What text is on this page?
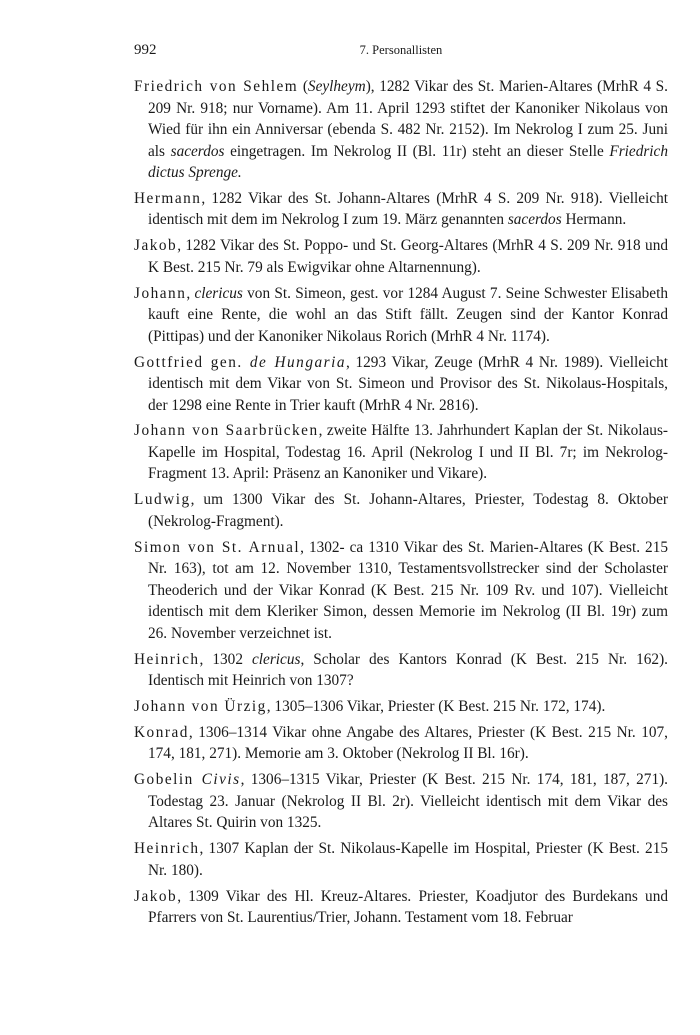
992	7. Personallisten

Friedrich von Sehlem (Seylheym), 1282 Vikar des St. Marien-Altares (MrhR 4 S. 209 Nr. 918; nur Vorname). Am 11. April 1293 stiftet der Kanoniker Nikolaus von Wied für ihn ein Anniversar (ebenda S. 482 Nr. 2152). Im Nekrolog I zum 25. Juni als sacerdos eingetragen. Im Nekrolog II (Bl. 11r) steht an dieser Stelle Friedrich dictus Sprenge.

Hermann, 1282 Vikar des St. Johann-Altares (MrhR 4 S. 209 Nr. 918). Vielleicht identisch mit dem im Nekrolog I zum 19. März genannten sacerdos Hermann.

Jakob, 1282 Vikar des St. Poppo- und St. Georg-Altares (MrhR 4 S. 209 Nr. 918 und K Best. 215 Nr. 79 als Ewigvikar ohne Altarnennung).

Johann, clericus von St. Simeon, gest. vor 1284 August 7. Seine Schwester Elisabeth kauft eine Rente, die wohl an das Stift fällt. Zeugen sind der Kantor Konrad (Pittipas) und der Kanoniker Nikolaus Rorich (MrhR 4 Nr. 1174).

Gottfried gen. de Hungaria, 1293 Vikar, Zeuge (MrhR 4 Nr. 1989). Vielleicht identisch mit dem Vikar von St. Simeon und Provisor des St. Nikolaus-Hospitals, der 1298 eine Rente in Trier kauft (MrhR 4 Nr. 2816).

Johann von Saarbrücken, zweite Hälfte 13. Jahrhundert Kaplan der St. Nikolaus-Kapelle im Hospital, Todestag 16. April (Nekrolog I und II Bl. 7r; im Nekrolog-Fragment 13. April: Präsenz an Kanoniker und Vikare).

Ludwig, um 1300 Vikar des St. Johann-Altares, Priester, Todestag 8. Oktober (Nekrolog-Fragment).

Simon von St. Arnual, 1302- ca 1310 Vikar des St. Marien-Altares (K Best. 215 Nr. 163), tot am 12. November 1310, Testamentsvollstrecker sind der Scholaster Theoderich und der Vikar Konrad (K Best. 215 Nr. 109 Rv. und 107). Vielleicht identisch mit dem Kleriker Simon, dessen Memorie im Nekrolog (II Bl. 19r) zum 26. November verzeichnet ist.

Heinrich, 1302 clericus, Scholar des Kantors Konrad (K Best. 215 Nr. 162). Identisch mit Heinrich von 1307?

Johann von Ürzig, 1305–1306 Vikar, Priester (K Best. 215 Nr. 172, 174).

Konrad, 1306–1314 Vikar ohne Angabe des Altares, Priester (K Best. 215 Nr. 107, 174, 181, 271). Memorie am 3. Oktober (Nekrolog II Bl. 16r).

Gobelin Civis, 1306–1315 Vikar, Priester (K Best. 215 Nr. 174, 181, 187, 271). Todestag 23. Januar (Nekrolog II Bl. 2r). Vielleicht identisch mit dem Vikar des Altares St. Quirin von 1325.

Heinrich, 1307 Kaplan der St. Nikolaus-Kapelle im Hospital, Priester (K Best. 215 Nr. 180).

Jakob, 1309 Vikar des Hl. Kreuz-Altares. Priester, Koadjutor des Burdekans und Pfarrers von St. Laurentius/Trier, Johann. Testament vom 18. Februar
